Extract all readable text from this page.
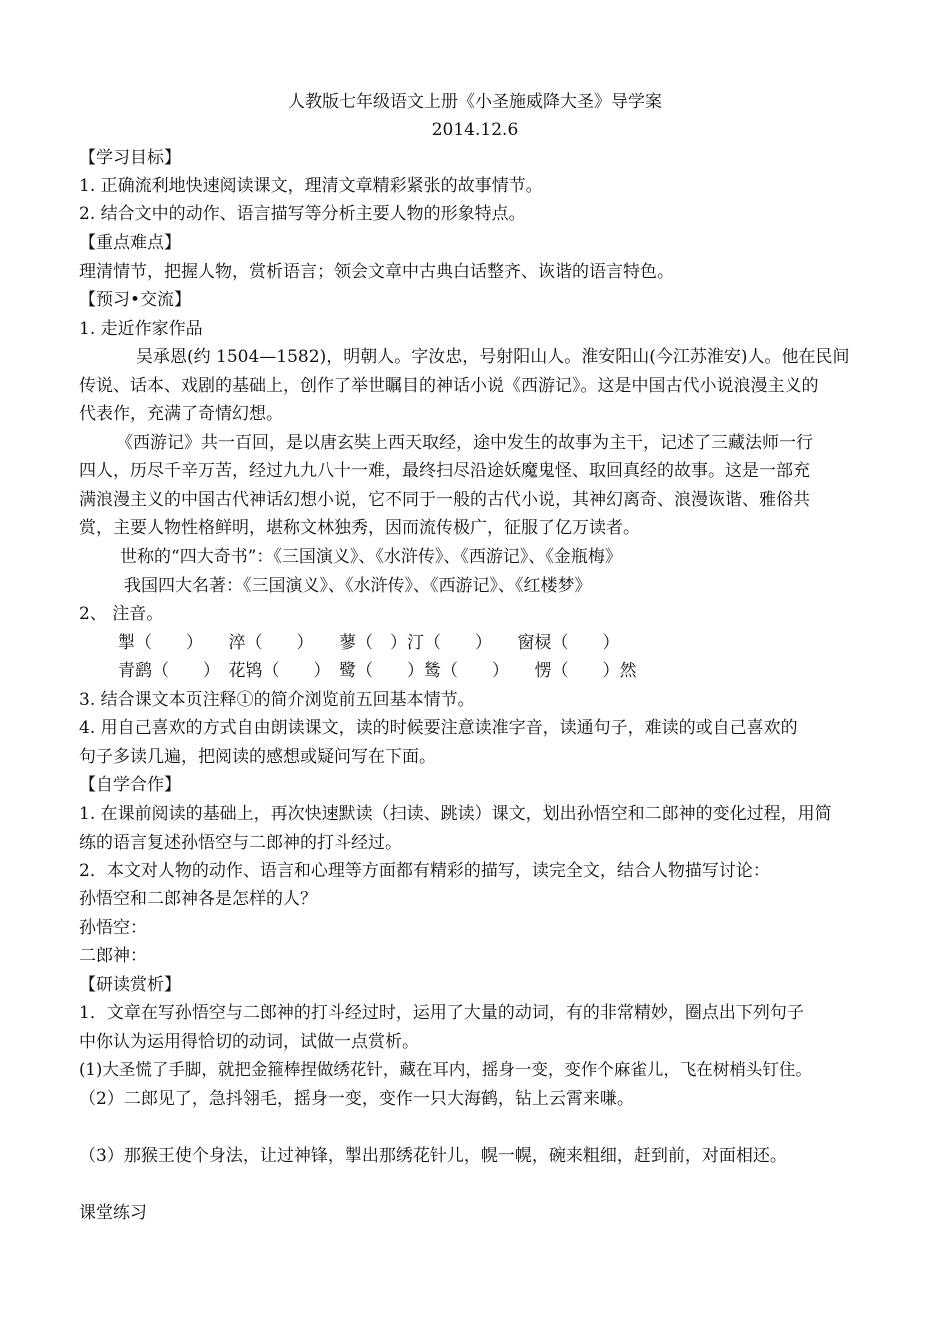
人教版七年级语文上册《小圣施威降大圣》导学案
2014.12.6
【学习目标】
1. 正确流利地快速阅读课文，理清文章精彩紧张的故事情节。
2. 结合文中的动作、语言描写等分析主要人物的形象特点。
【重点难点】
理清情节，把握人物，赏析语言；领会文章中古典白话整齐、诙谐的语言特色。
【预习•交流】
1. 走近作家作品
吴承恩(约 1504—1582)，明朝人。字汝忠，号射阳山人。淮安阳山(今江苏淮安)人。他在民间
传说、话本、戏剧的基础上，创作了举世瞩目的神话小说《西游记》。这是中国古代小说浪漫主义的
代表作，充满了奇情幻想。
《西游记》共一百回，是以唐玄奘上西天取经，途中发生的故事为主干，记述了三藏法师一行
四人，历尽千辛万苦，经过九九八十一难，最终扫尽沿途妖魔鬼怪、取回真经的故事。这是一部充
满浪漫主义的中国古代神话幻想小说，它不同于一般的古代小说，其神幻离奇、浪漫诙谐、雅俗共
赏，主要人物性格鲜明，堪称文林独秀，因而流传极广，征服了亿万读者。
世称的“四大奇书”：《三国演义》、《水浒传》、《西游记》、《金瓶梅》
我国四大名著：《三国演义》、《水浒传》、《西游记》、《红楼梦》
2、 注音。
掣（　　）　　淬（　　）　　蓼（　）汀（　　）　　窗棂（　　）
青鹞（　　）　花鸨（　　）　鹭（　　）鸶（　　）　　愣（　　）然
3. 结合课文本页注释①的简介浏览前五回基本情节。
4. 用自己喜欢的方式自由朗读课文，读的时候要注意读准字音，读通句子，难读的或自己喜欢的
句子多读几遍，把阅读的感想或疑问写在下面。
【自学合作】
1. 在课前阅读的基础上，再次快速默读（扫读、跳读）课文，划出孙悟空和二郎神的变化过程，用简
练的语言复述孙悟空与二郎神的打斗经过。
2．本文对人物的动作、语言和心理等方面都有精彩的描写，读完全文，结合人物描写讨论：
孙悟空和二郎神各是怎样的人？
孙悟空：
二郎神：
【研读赏析】
1．文章在写孙悟空与二郎神的打斗经过时，运用了大量的动词，有的非常精妙，圈点出下列句子
中你认为运用得恰切的动词，试做一点赏析。
(1)大圣慌了手脚，就把金箍棒捏做绣花针，藏在耳内，摇身一变，变作个麻雀儿，飞在树梢头钉住。
（2）二郎见了，急抖翎毛，摇身一变，变作一只大海鹤，钻上云霄来嗛。
（3）那猴王使个身法，让过神锋，掣出那绣花针儿，幌一幌，碗来粗细，赶到前，对面相还。
课堂练习
